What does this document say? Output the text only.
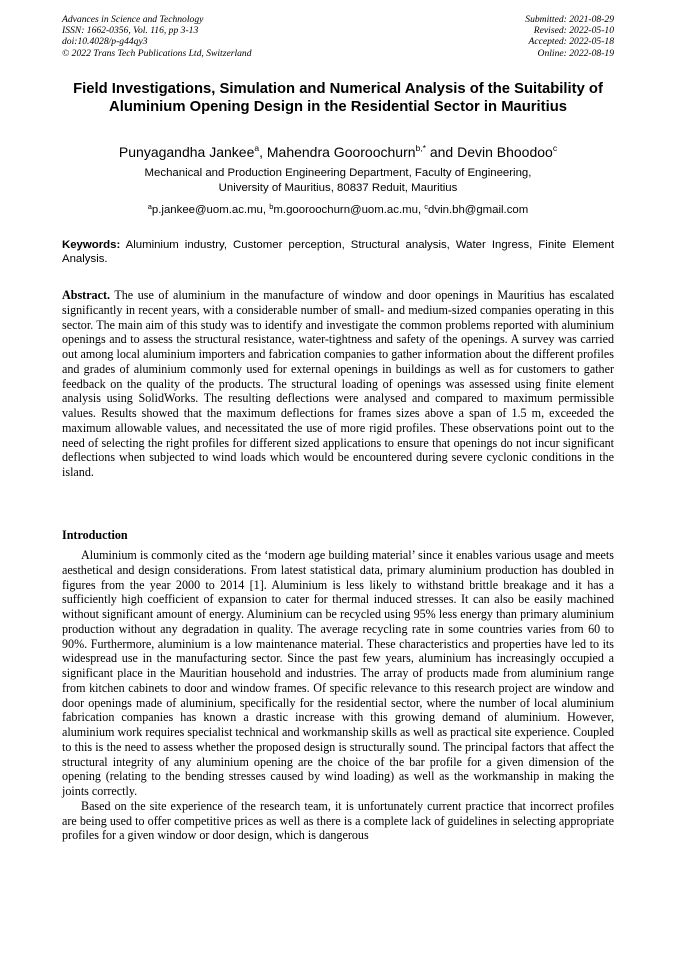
Advances in Science and Technology
ISSN: 1662-0356, Vol. 116, pp 3-13
doi:10.4028/p-g44qy3
© 2022 Trans Tech Publications Ltd, Switzerland
Submitted: 2021-08-29
Revised: 2022-05-10
Accepted: 2022-05-18
Online: 2022-08-19
Field Investigations, Simulation and Numerical Analysis of the Suitability of Aluminium Opening Design in the Residential Sector in Mauritius
Punyagandha Jankee$^a$, Mahendra Gooroochurn$^{b,*}$ and Devin Bhoodoo$^c$
Mechanical and Production Engineering Department, Faculty of Engineering,
University of Mauritius, 80837 Reduit, Mauritius
$^a$p.jankee@uom.ac.mu, $^b$m.gooroochurn@uom.ac.mu, $^c$dvin.bh@gmail.com
Keywords: Aluminium industry, Customer perception, Structural analysis, Water Ingress, Finite Element Analysis.
Abstract. The use of aluminium in the manufacture of window and door openings in Mauritius has escalated significantly in recent years, with a considerable number of small- and medium-sized companies operating in this sector. The main aim of this study was to identify and investigate the common problems reported with aluminium openings and to assess the structural resistance, water-tightness and safety of the openings. A survey was carried out among local aluminium importers and fabrication companies to gather information about the different profiles and grades of aluminium commonly used for external openings in buildings as well as for customers to gather feedback on the quality of the products. The structural loading of openings was assessed using finite element analysis using SolidWorks. The resulting deflections were analysed and compared to maximum permissible values. Results showed that the maximum deflections for frames sizes above a span of 1.5 m, exceeded the maximum allowable values, and necessitated the use of more rigid profiles. These observations point out to the need of selecting the right profiles for different sized applications to ensure that openings do not incur significant deflections when subjected to wind loads which would be encountered during severe cyclonic conditions in the island.
Introduction

Aluminium is commonly cited as the ‘modern age building material’ since it enables various usage and meets aesthetical and design considerations. From latest statistical data, primary aluminium production has doubled in figures from the year 2000 to 2014 [1]. Aluminium is less likely to withstand brittle breakage and it has a sufficiently high coefficient of expansion to cater for thermal induced stresses. It can also be easily machined without significant amount of energy. Aluminium can be recycled using 95% less energy than primary aluminium production without any degradation in quality. The average recycling rate in some countries varies from 60 to 90%. Furthermore, aluminium is a low maintenance material. These characteristics and properties have led to its widespread use in the manufacturing sector. Since the past few years, aluminium has increasingly occupied a significant place in the Mauritian household and industries. The array of products made from aluminium range from kitchen cabinets to door and window frames. Of specific relevance to this research project are window and door openings made of aluminium, specifically for the residential sector, where the number of local aluminium fabrication companies has known a drastic increase with this growing demand of aluminium. However, aluminium work requires specialist technical and workmanship skills as well as practical site experience. Coupled to this is the need to assess whether the proposed design is structurally sound. The principal factors that affect the structural integrity of any aluminium opening are the choice of the bar profile for a given dimension of the opening (relating to the bending stresses caused by wind loading) as well as the workmanship in making the joints correctly.

Based on the site experience of the research team, it is unfortunately current practice that incorrect profiles are being used to offer competitive prices as well as there is a complete lack of guidelines in selecting appropriate profiles for a given window or door design, which is dangerous
